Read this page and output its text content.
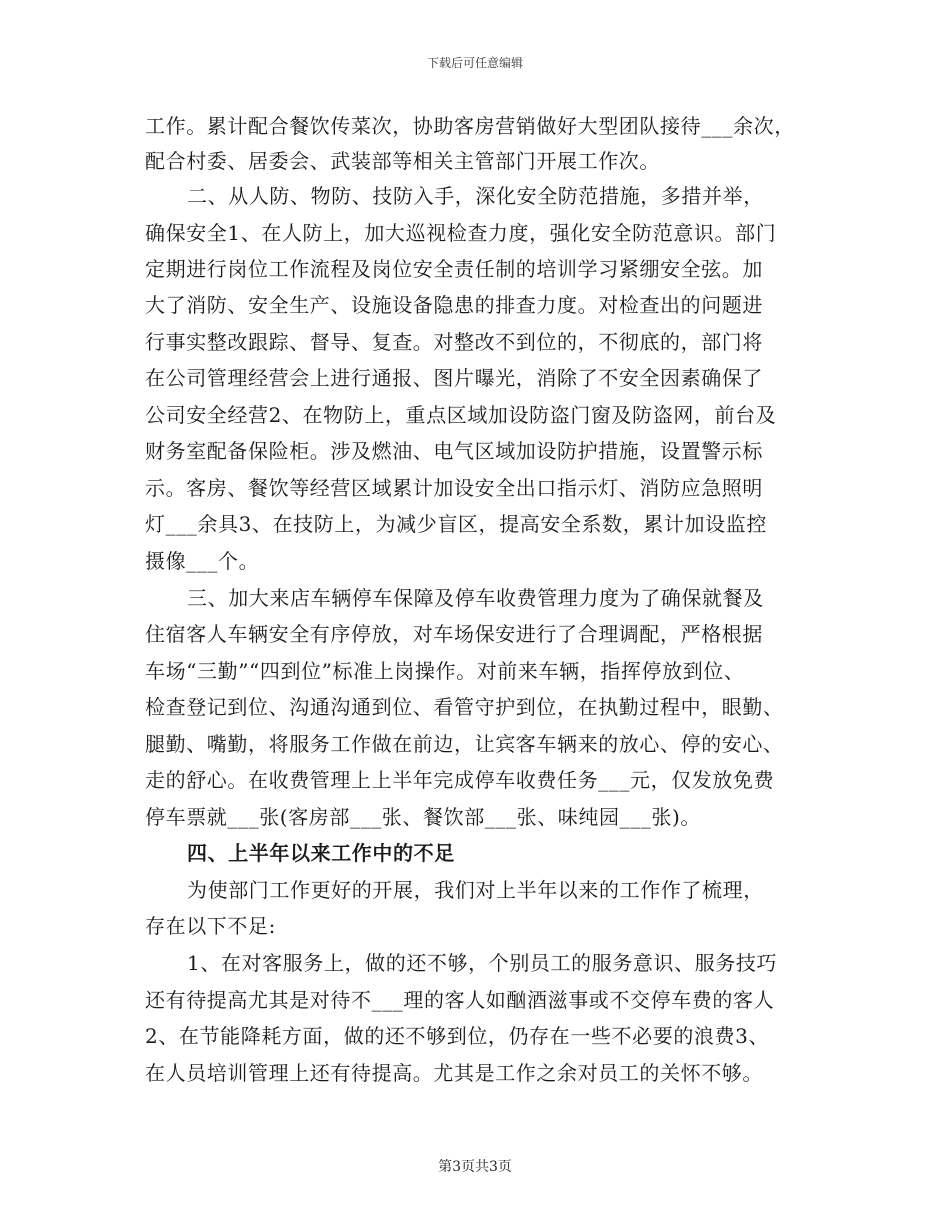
下载后可任意编辑
工作。累计配合餐饮传菜次，协助客房营销做好大型团队接待___余次，
配合村委、居委会、武装部等相关主管部门开展工作次。
二、从人防、物防、技防入手，深化安全防范措施，多措并举，
确保安全1、在人防上，加大巡视检查力度，强化安全防范意识。部门
定期进行岗位工作流程及岗位安全责任制的培训学习紧绷安全弦。加
大了消防、安全生产、设施设备隐患的排查力度。对检查出的问题进
行事实整改跟踪、督导、复查。对整改不到位的，不彻底的，部门将
在公司管理经营会上进行通报、图片曝光，消除了不安全因素确保了
公司安全经营2、在物防上，重点区域加设防盗门窗及防盗网，前台及
财务室配备保险柜。涉及燃油、电气区域加设防护措施，设置警示标
示。客房、餐饮等经营区域累计加设安全出口指示灯、消防应急照明
灯___余具3、在技防上，为减少盲区，提高安全系数，累计加设监控
摄像___个。
三、加大来店车辆停车保障及停车收费管理力度为了确保就餐及
住宿客人车辆安全有序停放，对车场保安进行了合理调配，严格根据
车场“三勤”“四到位”标准上岗操作。对前来车辆，指挥停放到位、
检查登记到位、沟通沟通到位、看管守护到位，在执勤过程中，眼勤、
腿勤、嘴勤，将服务工作做在前边，让宾客车辆来的放心、停的安心、
走的舒心。在收费管理上上半年完成停车收费任务___元，仅发放免费
停车票就___张(客房部___张、餐饮部___张、味纯园___张)。
四、上半年以来工作中的不足
为使部门工作更好的开展，我们对上半年以来的工作作了梳理，
存在以下不足:
1、在对客服务上，做的还不够，个别员工的服务意识、服务技巧
还有待提高尤其是对待不___理的客人如酗酒滋事或不交停车费的客人
2、在节能降耗方面，做的还不够到位，仍存在一些不必要的浪费3、
在人员培训管理上还有待提高。尤其是工作之余对员工的关怀不够。
第3页共3页
